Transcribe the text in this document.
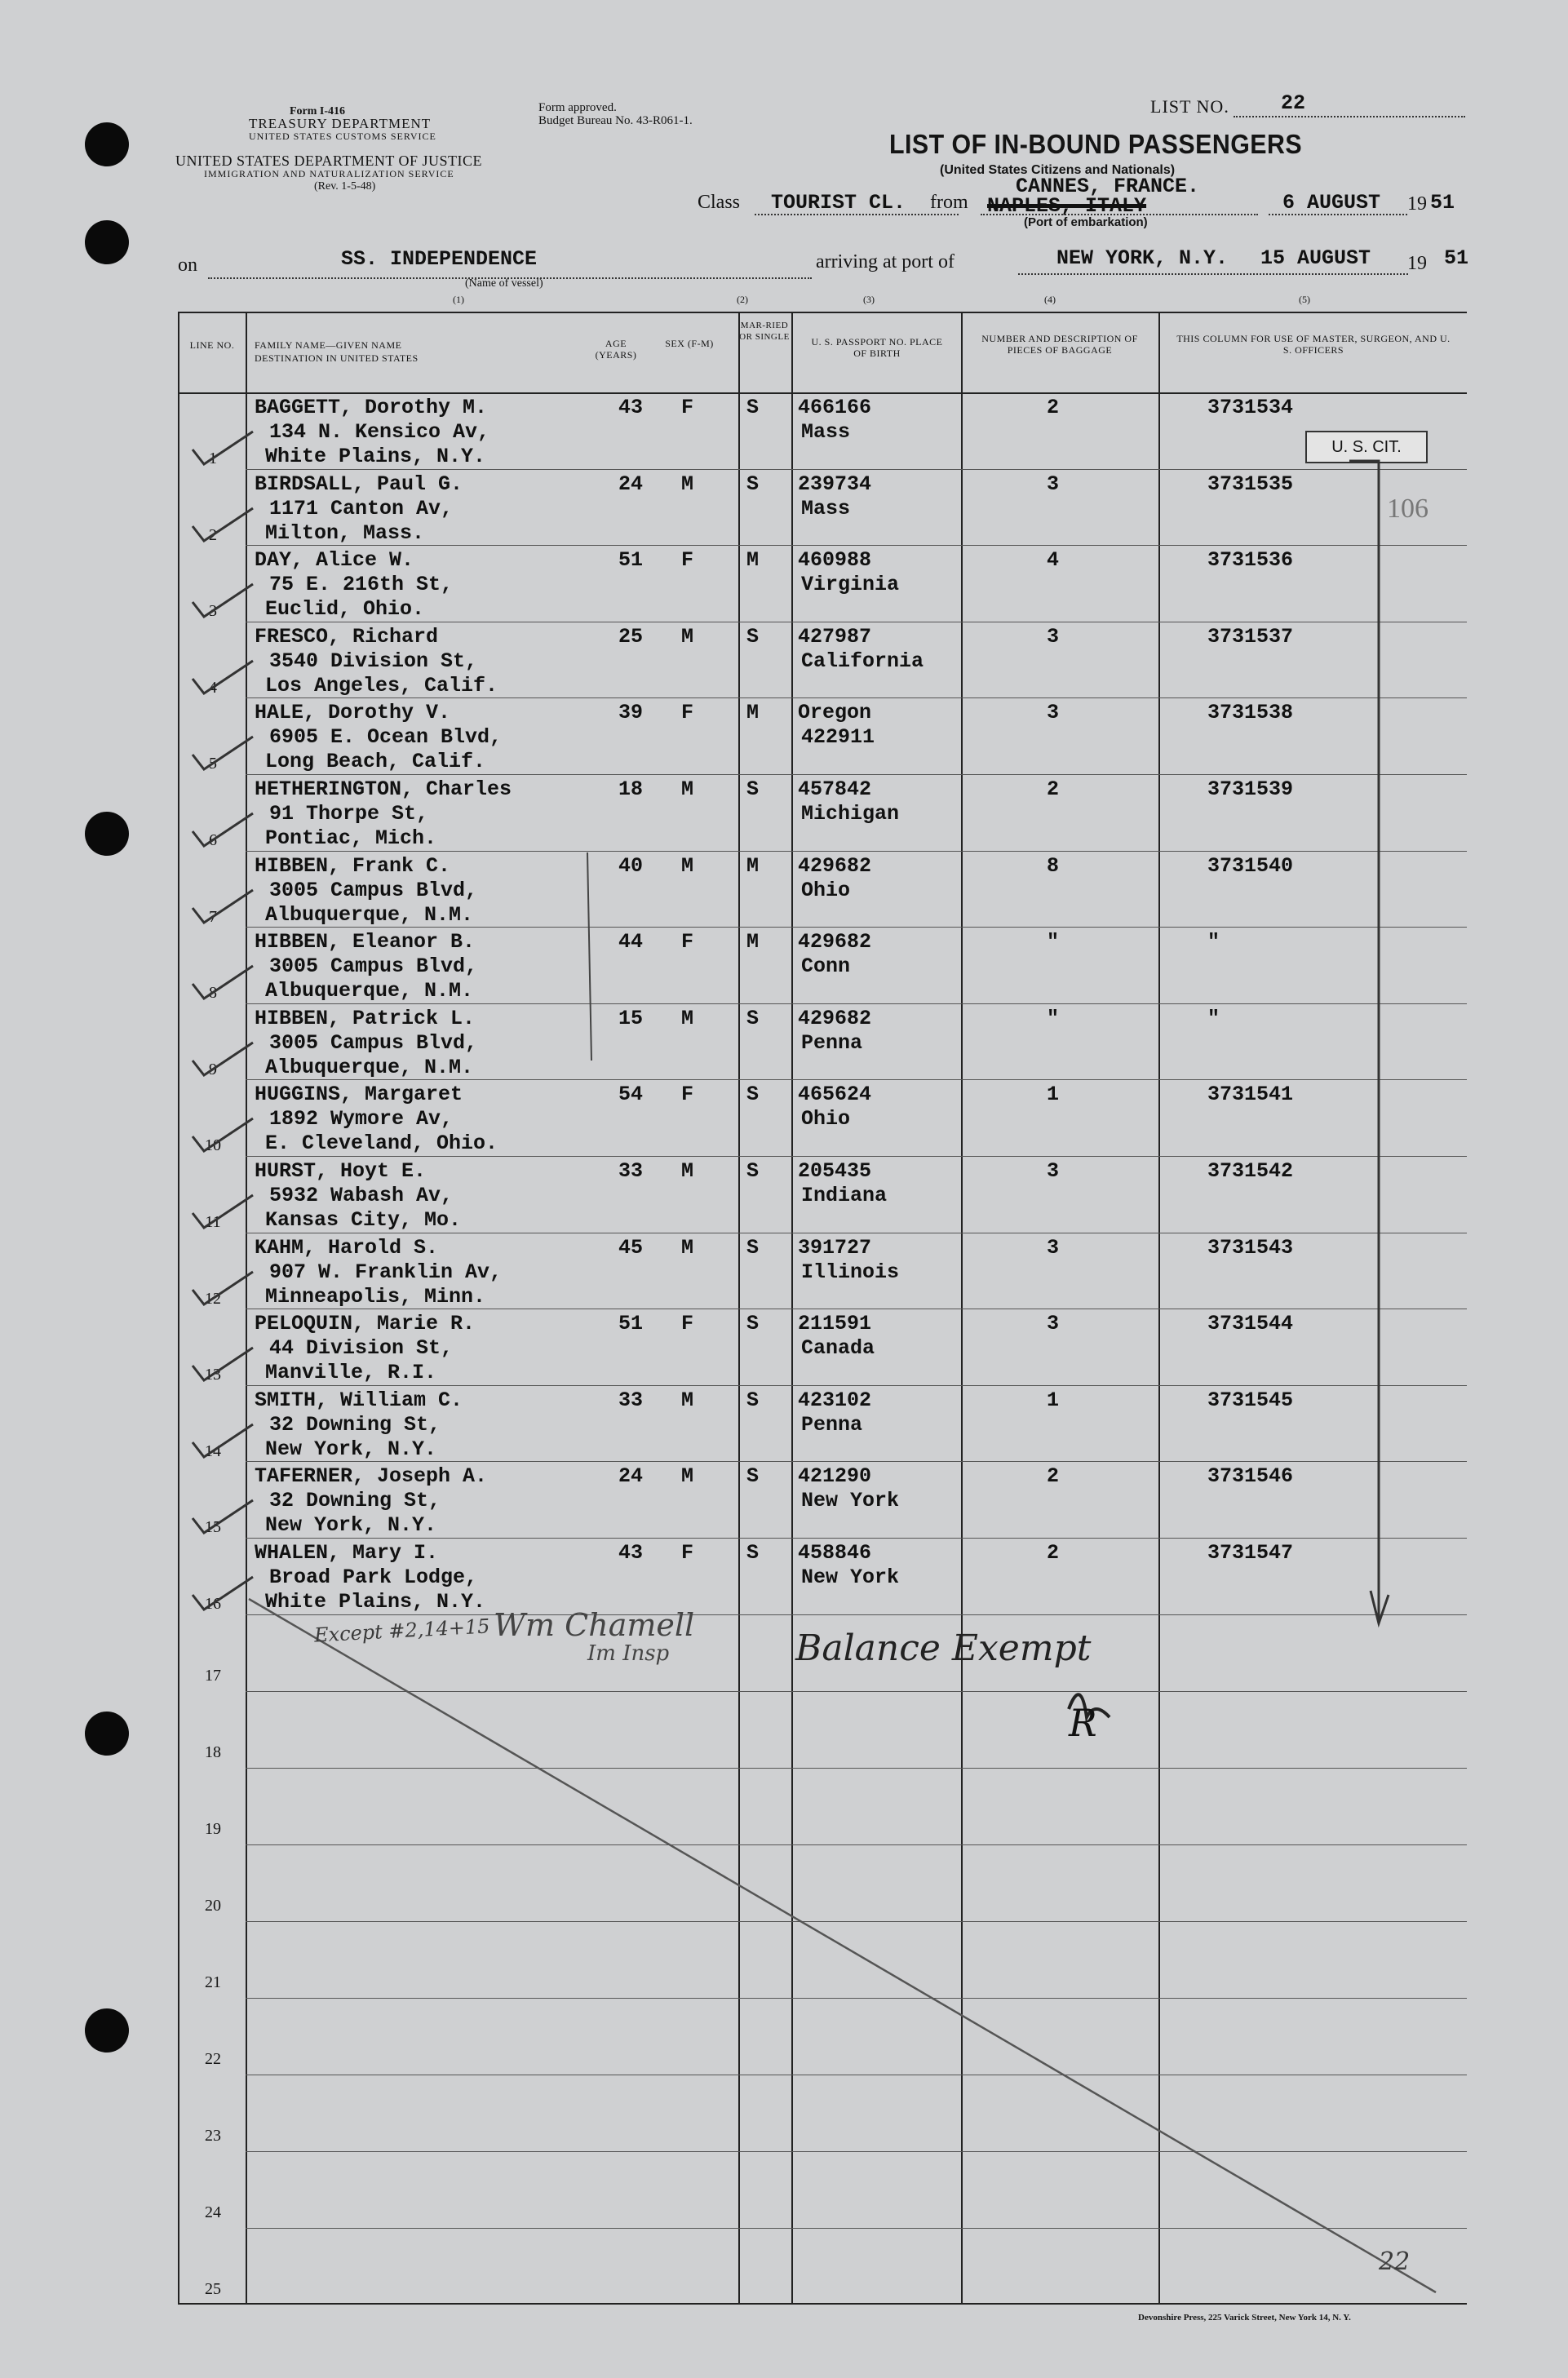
Form I-416
TREASURY DEPARTMENT
UNITED STATES CUSTOMS SERVICE
UNITED STATES DEPARTMENT OF JUSTICE
IMMIGRATION AND NATURALIZATION SERVICE
(Rev. 1-5-48)
Form approved.
Budget Bureau No. 43-R061-1.
LIST NO.	22
LIST OF IN-BOUND PASSENGERS
(United States Citizens and Nationals)
Class TOURIST CL. from NAPLES, ITALY
CANNES, FRANCE.
6 AUGUST 19 51
(Port of embarkation)
on	SS. INDEPENDENCE
(Name of vessel)
arriving at port of	NEW YORK, N.Y. 15 AUGUST 19 51
(1)	(2)	(3)	(4)	(5)
LINE NO.	FAMILY NAME—GIVEN NAME
DESTINATION IN UNITED STATES
AGE (YEARS)
SEX (F-M)
MAR-RIED OR SINGLE	U. S. PASSPORT NO. PLACE OF BIRTH
NUMBER AND DESCRIPTION OF PIECES OF BAGGAGE
THIS COLUMN FOR USE OF MASTER, SURGEON, AND U. S. OFFICERS
1
BAGGETT, Dorothy M.
134 N. Kensico Av,
White Plains, N.Y.
43 F	S 466166
Mass
2	3731534
2
BIRDSALL, Paul G.
1171 Canton Av,
Milton, Mass.
24 M	S 239734
Mass
3	3731535
3
DAY, Alice W.
75 E. 216th St,
Euclid, Ohio.
51 F	M 460988
Virginia
4	3731536
4
FRESCO, Richard
3540 Division St,
Los Angeles, Calif.
25 M	S 427987
California
3	3731537
5
HALE, Dorothy V.
6905 E. Ocean Blvd,
Long Beach, Calif.
39 F	M Oregon
422911
3	3731538
6
HETHERINGTON, Charles
91 Thorpe St,
Pontiac, Mich.
18 M	S 457842
Michigan
2	3731539
7
HIBBEN, Frank C.
3005 Campus Blvd,
Albuquerque, N.M.
40 M	M 429682
Ohio
8	3731540
8
HIBBEN, Eleanor B.
3005 Campus Blvd,
Albuquerque, N.M.
44 F	M 429682
Conn
"	"
9
HIBBEN, Patrick L.
3005 Campus Blvd,
Albuquerque, N.M.
15 M	S 429682
Penna
"	"
10
HUGGINS, Margaret
1892 Wymore Av,
E. Cleveland, Ohio.
54 F	S 465624
Ohio
1	3731541
11
HURST, Hoyt E.
5932 Wabash Av,
Kansas City, Mo.
33 M	S 205435
Indiana
3	3731542
12
KAHM, Harold S.
907 W. Franklin Av,
Minneapolis, Minn.
45 M	S 391727
Illinois
3	3731543
13
PELOQUIN, Marie R.
44 Division St,
Manville, R.I.
51 F	S 211591
Canada
3	3731544
14
SMITH, William C.
32 Downing St,
New York, N.Y.
33 M	S 423102
Penna
1	3731545
15
TAFERNER, Joseph A.
32 Downing St,
New York, N.Y.
24 M	S 421290
New York
2	3731546
16
WHALEN, Mary I.
Broad Park Lodge,
White Plains, N.Y.
43 F	S 458846
New York
2	3731547
17
18
19
20
21
22
23
24
25
U. S. CIT.
106
Except #2,14+15 Wm Chamell
Im Insp	Balance Exempt
R
22
Devonshire Press, 225 Varick Street, New York 14, N. Y.
